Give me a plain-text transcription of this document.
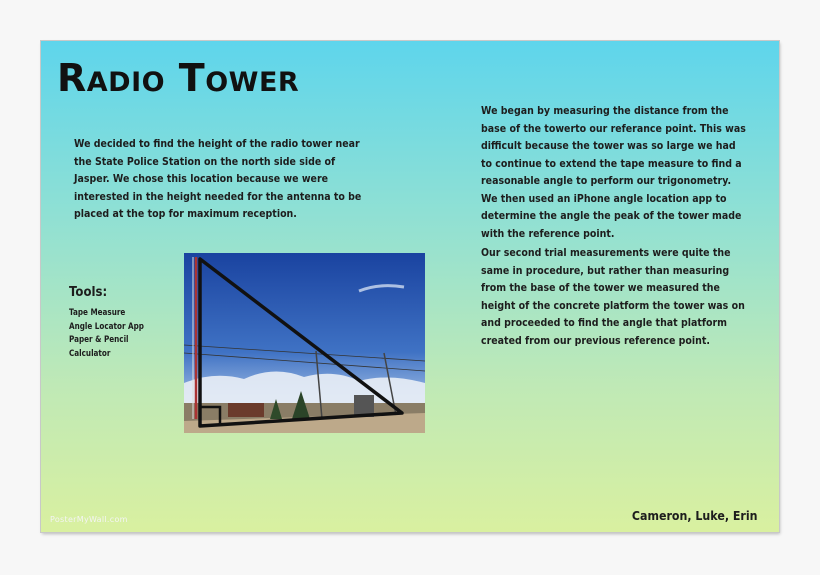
Radio Tower

We decided to find the height of the radio tower near the State Police Station on the north side side of Jasper. We chose this location because we were interested in the height needed for the antenna to be placed at the top for maximum reception.

We began by measuring the distance from the base of the towerto our referance point. This was difficult because the tower was so large we had to continue to extend the tape measure to find a reasonable angle to perform our trigonometry. We then used an iPhone angle location app to determine the angle the peak of the tower made with the reference point.

Our second trial measurements were quite the same in procedure, but rather than measuring from the base of the tower we measured the height of the concrete platform the tower was on and proceeded to find the angle that platform created from our previous reference point.

Tools:
Tape Measure
Angle Locator App
Paper & Pencil
Calculator
PosterMyWall.com	Cameron, Luke, Erin
